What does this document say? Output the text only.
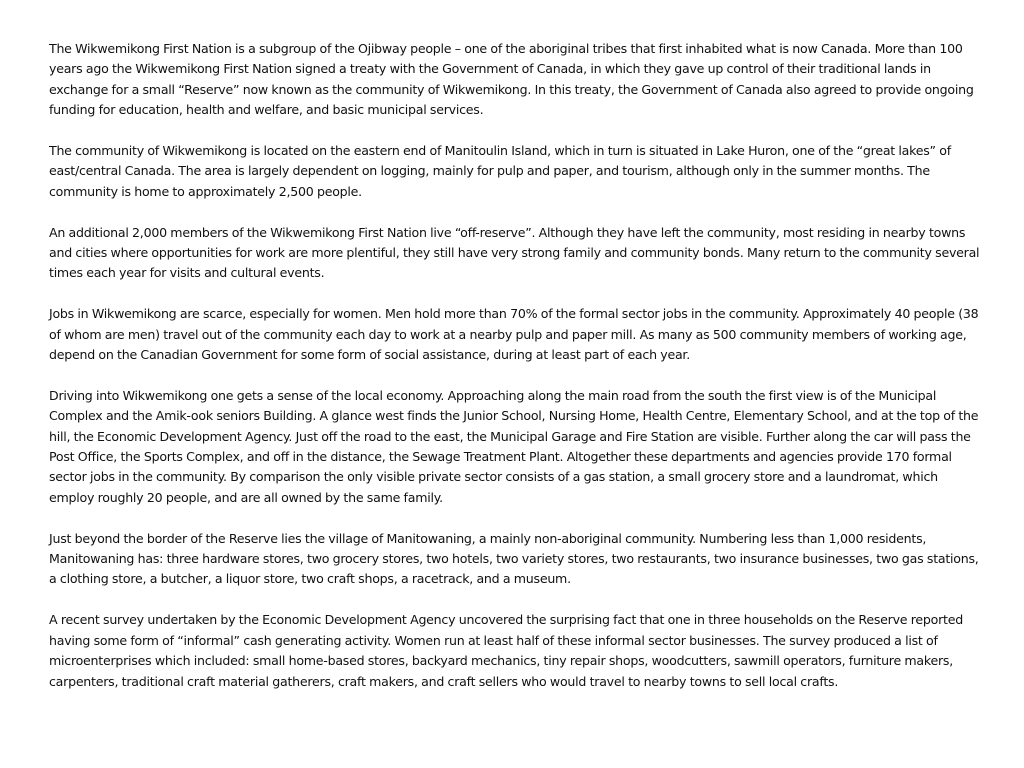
The Wikwemikong First Nation is a subgroup of the Ojibway people – one of the aboriginal tribes that first inhabited what is now Canada. More than 100 years ago the Wikwemikong First Nation signed a treaty with the Government of Canada, in which they gave up control of their traditional lands in exchange for a small “Reserve” now known as the community of Wikwemikong. In this treaty, the Government of Canada also agreed to provide ongoing funding for education, health and welfare, and basic municipal services.

The community of Wikwemikong is located on the eastern end of Manitoulin Island, which in turn is situated in Lake Huron, one of the “great lakes” of east/central Canada. The area is largely dependent on logging, mainly for pulp and paper, and tourism, although only in the summer months. The community is home to approximately 2,500 people.

An additional 2,000 members of the Wikwemikong First Nation live “off-reserve”. Although they have left the community, most residing in nearby towns and cities where opportunities for work are more plentiful, they still have very strong family and community bonds. Many return to the community several times each year for visits and cultural events.

Jobs in Wikwemikong are scarce, especially for women. Men hold more than 70% of the formal sector jobs in the community. Approximately 40 people (38 of whom are men) travel out of the community each day to work at a nearby pulp and paper mill. As many as 500 community members of working age, depend on the Canadian Government for some form of social assistance, during at least part of each year.

Driving into Wikwemikong one gets a sense of the local economy. Approaching along the main road from the south the first view is of the Municipal Complex and the Amik-ook seniors Building. A glance west finds the Junior School, Nursing Home, Health Centre, Elementary School, and at the top of the hill, the Economic Development Agency. Just off the road to the east, the Municipal Garage and Fire Station are visible. Further along the car will pass the Post Office, the Sports Complex, and off in the distance, the Sewage Treatment Plant. Altogether these departments and agencies provide 170 formal sector jobs in the community. By comparison the only visible private sector consists of a gas station, a small grocery store and a laundromat, which employ roughly 20 people, and are all owned by the same family.

Just beyond the border of the Reserve lies the village of Manitowaning, a mainly non-aboriginal community. Numbering less than 1,000 residents, Manitowaning has: three hardware stores, two grocery stores, two hotels, two variety stores, two restaurants, two insurance businesses, two gas stations, a clothing store, a butcher, a liquor store, two craft shops, a racetrack, and a museum.

A recent survey undertaken by the Economic Development Agency uncovered the surprising fact that one in three households on the Reserve reported having some form of “informal” cash generating activity. Women run at least half of these informal sector businesses. The survey produced a list of microenterprises which included: small home-based stores, backyard mechanics, tiny repair shops, woodcutters, sawmill operators, furniture makers, carpenters, traditional craft material gatherers, craft makers, and craft sellers who would travel to nearby towns to sell local crafts.
